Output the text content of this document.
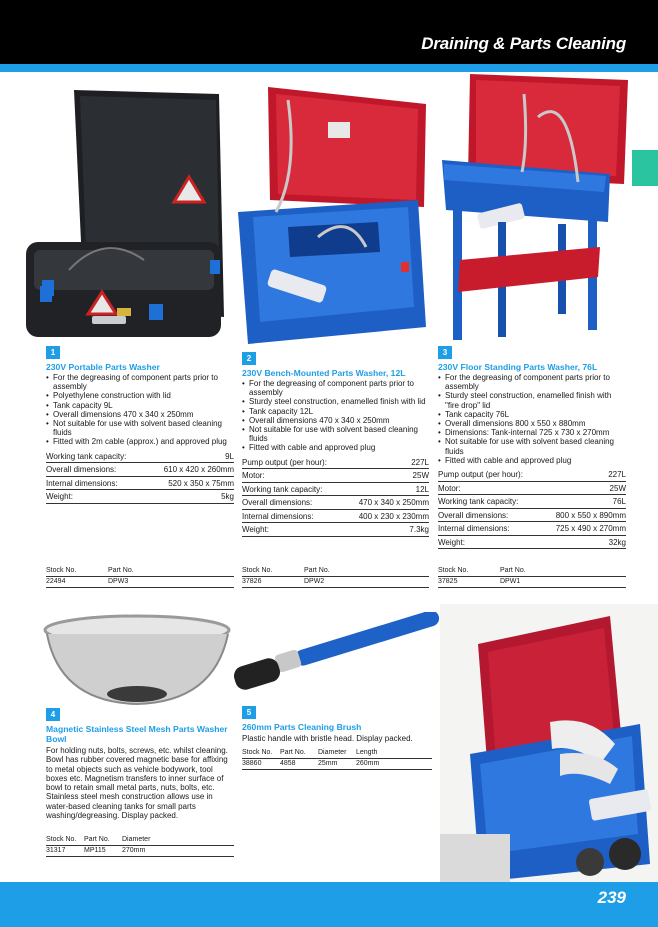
Draining & Parts Cleaning
1
230V Portable Parts Washer
• For the degreasing of component parts prior to assembly
• Polyethylene construction with lid
• Tank capacity 9L
• Overall dimensions 470 x 340 x 250mm
• Not suitable for use with solvent based cleaning fluids
• Fitted with 2m cable (approx.) and approved plug
Working tank capacity:	9L
Overall dimensions:	610 x 420 x 260mm
Internal dimensions:	520 x 350 x 75mm
Weight:	5kg
Stock No.	Part No.
22494	DPW3
2
230V Bench-Mounted Parts Washer, 12L
• For the degreasing of component parts prior to assembly
• Sturdy steel construction, enamelled finish with lid
• Tank capacity 12L
• Overall dimensions 470 x 340 x 250mm
• Not suitable for use with solvent based cleaning fluids
• Fitted with cable and approved plug
Pump output (per hour):	227L
Motor:	25W
Working tank capacity:	12L
Overall dimensions:	470 x 340 x 250mm
Internal dimensions:	400 x 230 x 230mm
Weight:	7.3kg
Stock No.	Part No.
37826	DPW2
3
230V Floor Standing Parts Washer, 76L
• For the degreasing of component parts prior to assembly
• Sturdy steel construction, enamelled finish with "fire drop" lid
• Tank capacity 76L
• Overall dimensions 800 x 550 x 880mm
• Dimensions: Tank-internal 725 x 730 x 270mm
• Not suitable for use with solvent based cleaning fluids
• Fitted with cable and approved plug
Pump output (per hour):	227L
Motor:	25W
Working tank capacity:	76L
Overall dimensions:	800 x 550 x 890mm
Internal dimensions:	725 x 490 x 270mm
Weight:	32kg
Stock No.	Part No.
37825	DPW1
4
Magnetic Stainless Steel Mesh Parts Washer Bowl
For holding nuts, bolts, screws, etc. whilst cleaning. Bowl has rubber covered magnetic base for affixing to metal objects such as vehicle bodywork, tool boxes etc. Magnetism transfers to inner surface of bowl to retain small metal parts, nuts, bolts, etc. Stainless steel mesh construction allows use in water-based cleaning tanks for small parts washing/degreasing. Display packed.
Stock No.	Part No.	Diameter
31317	MP115	270mm
5
260mm Parts Cleaning Brush
Plastic handle with bristle head. Display packed.
Stock No.	Part No.	Diameter	Length
38860	4858	25mm	260mm
239
